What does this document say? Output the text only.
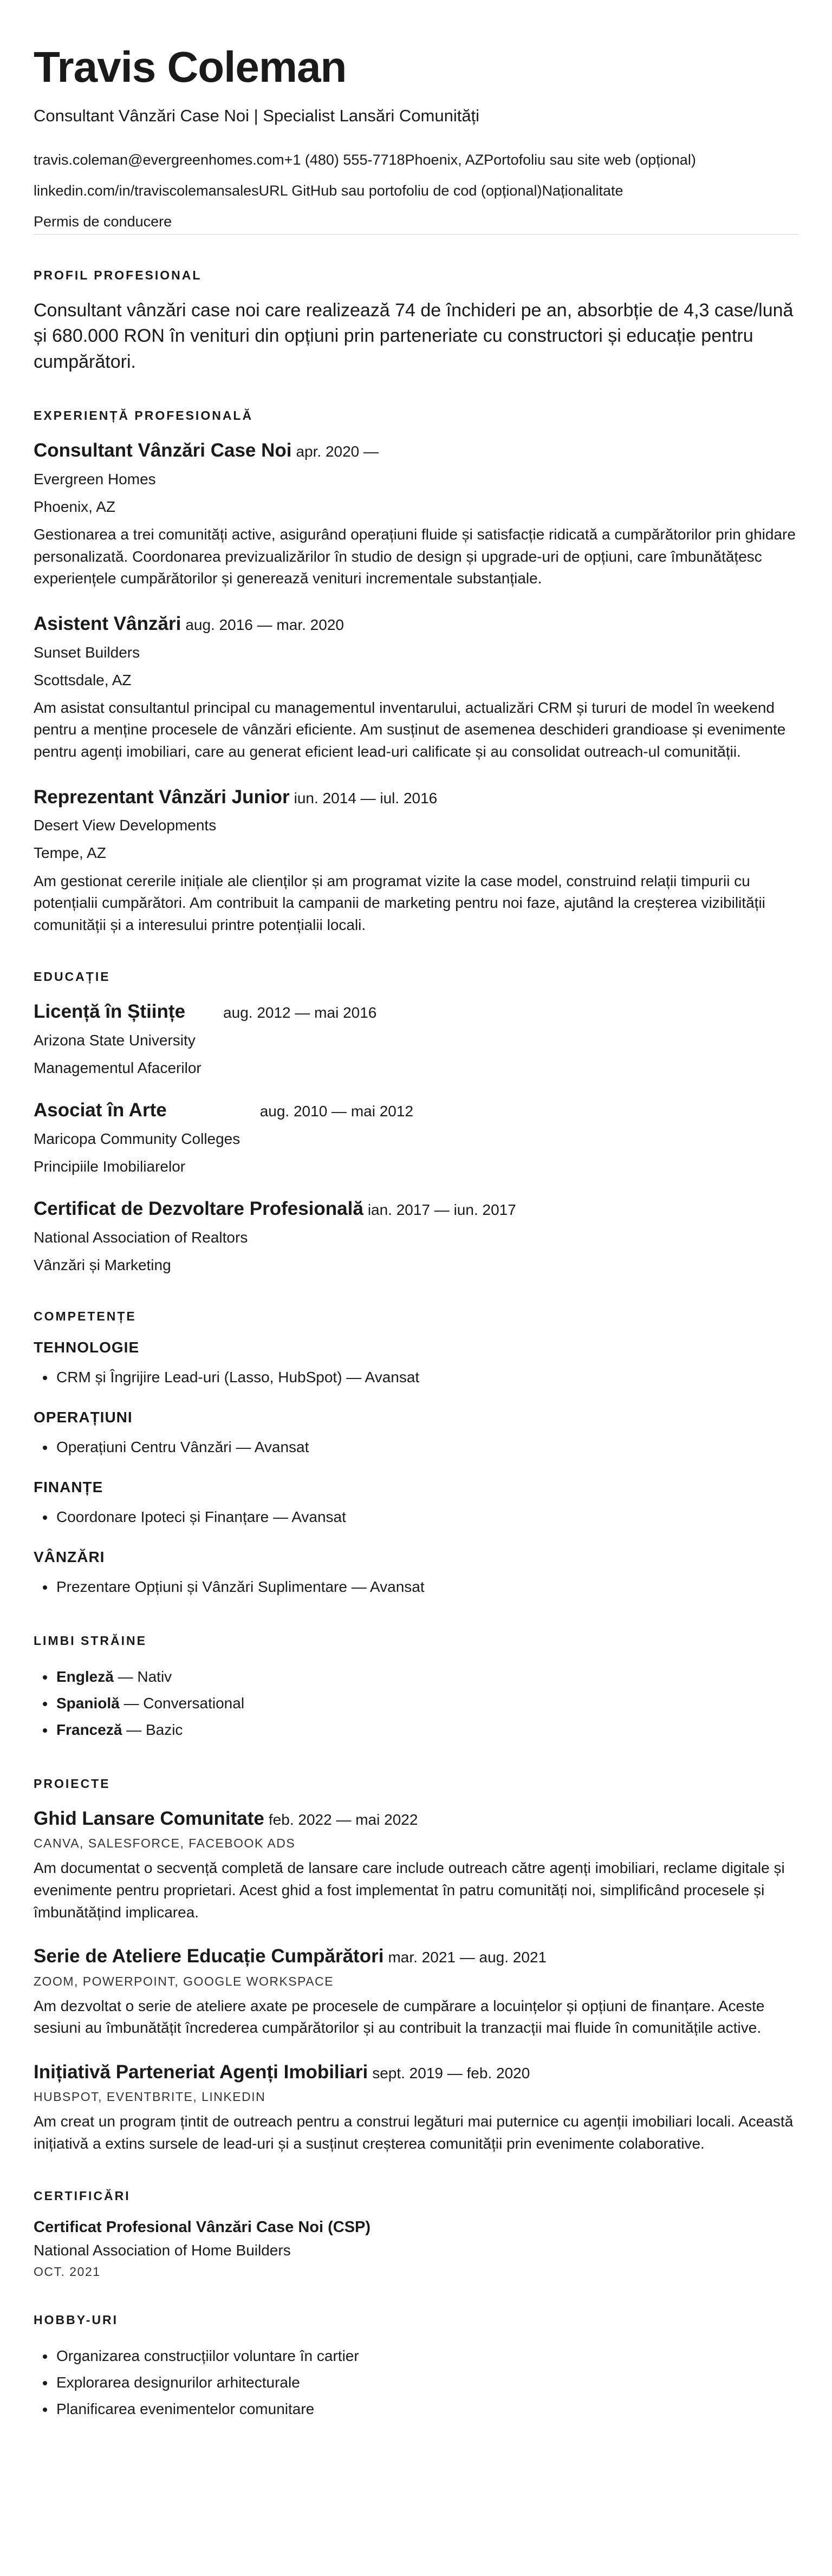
Travis Coleman
Consultant Vânzări Case Noi | Specialist Lansări Comunități
travis.coleman@evergreenhomes.com+1 (480) 555-7718Phoenix, AZPortofoliu sau site web (opțional)
linkedin.com/in/traviscolemansalesURL GitHub sau portofoliu de cod (opțional)Naționalitate
Permis de conducere
PROFIL PROFESIONAL
Consultant vânzări case noi care realizează 74 de închideri pe an, absorbție de 4,3 case/lună și 680.000 RON în venituri din opțiuni prin parteneriate cu constructori și educație pentru cumpărători.
EXPERIENȚĂ PROFESIONALĂ
Consultant Vânzări Case Noi apr. 2020 —
Evergreen Homes
Phoenix, AZ
Gestionarea a trei comunități active, asigurând operațiuni fluide și satisfacție ridicată a cumpărătorilor prin ghidare personalizată. Coordonarea previzualizărilor în studio de design și upgrade-uri de opțiuni, care îmbunătățesc experiențele cumpărătorilor și generează venituri incrementale substanțiale.
Asistent Vânzări aug. 2016 — mar. 2020
Sunset Builders
Scottsdale, AZ
Am asistat consultantul principal cu managementul inventarului, actualizări CRM și tururi de model în weekend pentru a menține procesele de vânzări eficiente. Am susținut de asemenea deschideri grandioase și evenimente pentru agenți imobiliari, care au generat eficient lead-uri calificate și au consolidat outreach-ul comunității.
Reprezentant Vânzări Junior iun. 2014 — iul. 2016
Desert View Developments
Tempe, AZ
Am gestionat cererile inițiale ale clienților și am programat vizite la case model, construind relații timpurii cu potențialii cumpărători. Am contribuit la campanii de marketing pentru noi faze, ajutând la creșterea vizibilității comunității și a interesului printre potențialii locali.
EDUCAȚIE
Licență în Științe	aug. 2012 — mai 2016
Arizona State University
Managementul Afacerilor
Asociat în Arte	aug. 2010 — mai 2012
Maricopa Community Colleges
Principiile Imobiliarelor
Certificat de Dezvoltare Profesională ian. 2017 — iun. 2017
National Association of Realtors
Vânzări și Marketing
COMPETENȚE
TEHNOLOGIE
• CRM și Îngrijire Lead-uri (Lasso, HubSpot) — Avansat
OPERAȚIUNI
• Operațiuni Centru Vânzări — Avansat
FINANȚE
• Coordonare Ipoteci și Finanțare — Avansat
VÂNZĂRI
• Prezentare Opțiuni și Vânzări Suplimentare — Avansat
LIMBI STRĂINE
• Engleză — Nativ
• Spaniolă — Conversational
• Franceză — Bazic
PROIECTE
Ghid Lansare Comunitate feb. 2022 — mai 2022
CANVA, SALESFORCE, FACEBOOK ADS
Am documentat o secvență completă de lansare care include outreach către agenți imobiliari, reclame digitale și evenimente pentru proprietari. Acest ghid a fost implementat în patru comunități noi, simplificând procesele și îmbunătățind implicarea.
Serie de Ateliere Educație Cumpărători mar. 2021 — aug. 2021
ZOOM, POWERPOINT, GOOGLE WORKSPACE
Am dezvoltat o serie de ateliere axate pe procesele de cumpărare a locuințelor și opțiuni de finanțare. Aceste sesiuni au îmbunătățit încrederea cumpărătorilor și au contribuit la tranzacții mai fluide în comunitățile active.
Inițiativă Parteneriat Agenți Imobiliari sept. 2019 — feb. 2020
HUBSPOT, EVENTBRITE, LINKEDIN
Am creat un program țintit de outreach pentru a construi legături mai puternice cu agenții imobiliari locali. Această inițiativă a extins sursele de lead-uri și a susținut creșterea comunității prin evenimente colaborative.
CERTIFICĂRI
Certificat Profesional Vânzări Case Noi (CSP)
National Association of Home Builders
OCT. 2021
HOBBY-URI
• Organizarea construcțiilor voluntare în cartier
• Explorarea designurilor arhitecturale
• Planificarea evenimentelor comunitare
